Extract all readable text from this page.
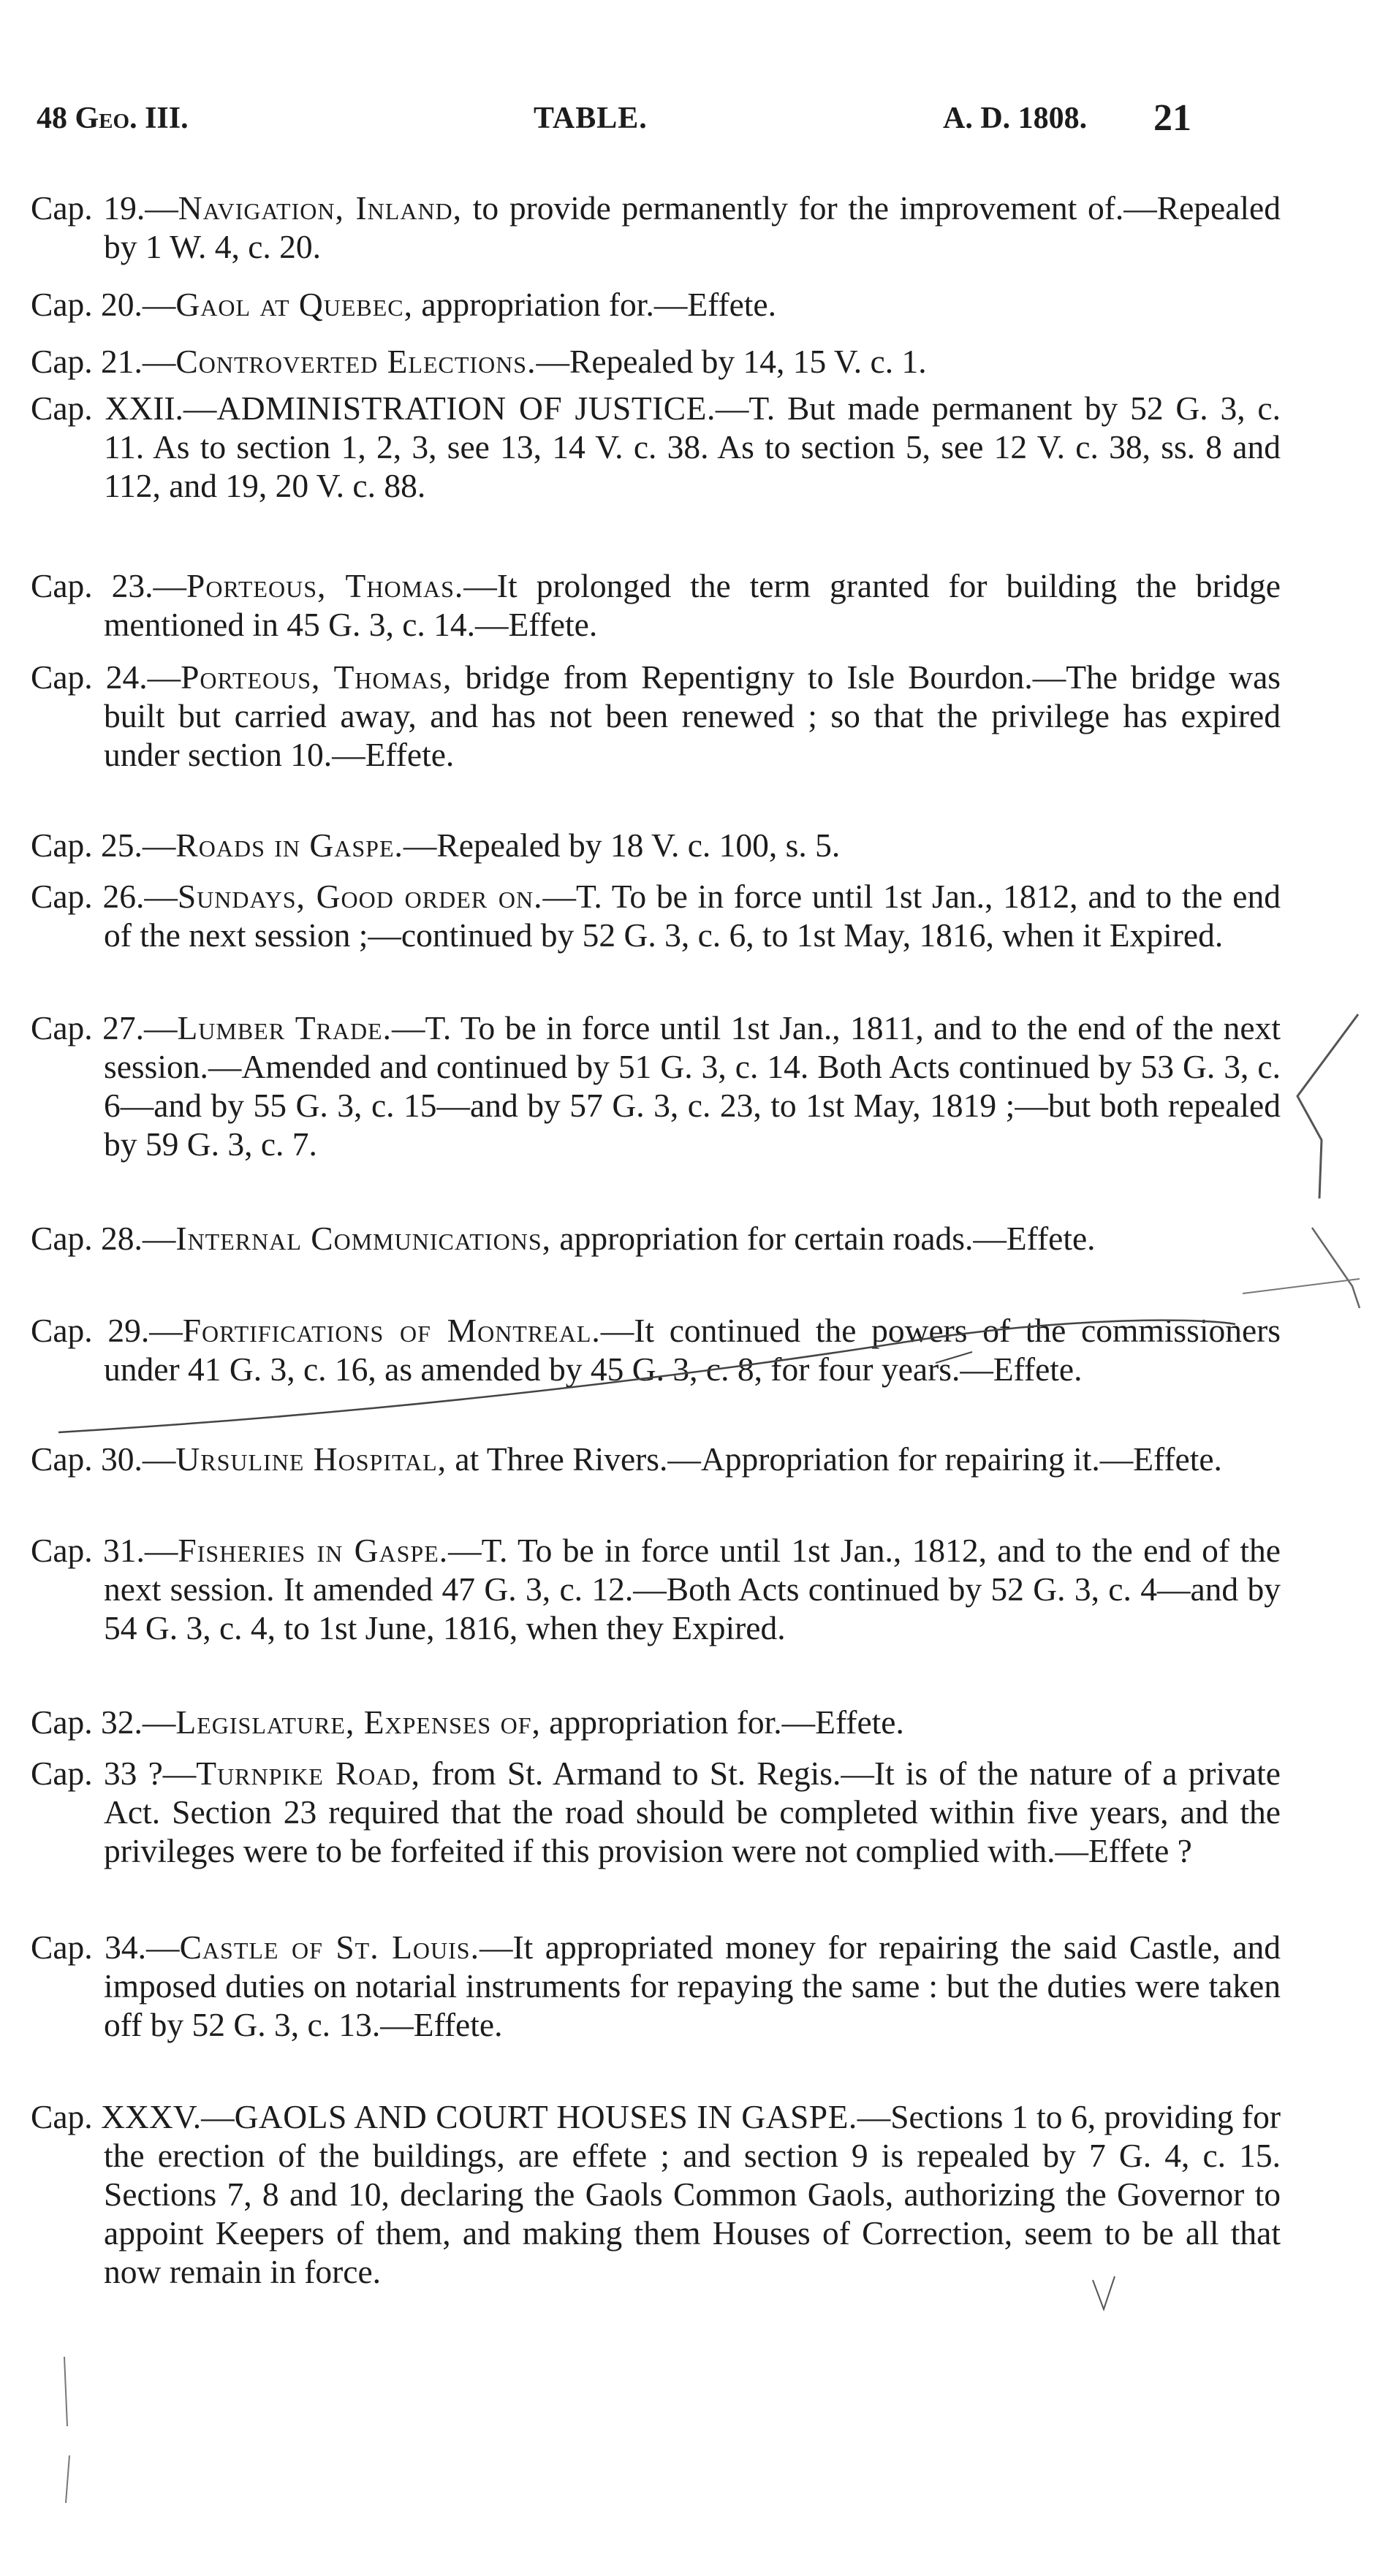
48 Geo. III.	TABLE.	A. D. 1808. 21
Cap. 19.—Navigation, Inland, to provide permanently for the improvement of.—Repealed by 1 W. 4, c. 20.
Cap. 20.—Gaol at Quebec, appropriation for.—Effete.
Cap. 21.—Controverted Elections.—Repealed by 14, 15 V. c. 1.
Cap. XXII.—ADMINISTRATION OF JUSTICE.—T. But made permanent by 52 G. 3, c. 11. As to section 1, 2, 3, see 13, 14 V. c. 38. As to section 5, see 12 V. c. 38, ss. 8 and 112, and 19, 20 V. c. 88.
Cap. 23.—Porteous, Thomas.—It prolonged the term granted for building the bridge mentioned in 45 G. 3, c. 14.—Effete.
Cap. 24.—Porteous, Thomas, bridge from Repentigny to Isle Bourdon.—The bridge was built but carried away, and has not been renewed ; so that the privilege has expired under section 10.—Effete.
Cap. 25.—Roads in Gaspe.—Repealed by 18 V. c. 100, s. 5.
Cap. 26.—Sundays, Good order on.—T. To be in force until 1st Jan., 1812, and to the end of the next session ;—continued by 52 G. 3, c. 6, to 1st May, 1816, when it Expired.
Cap. 27.—Lumber Trade.—T. To be in force until 1st Jan., 1811, and to the end of the next session.—Amended and continued by 51 G. 3, c. 14. Both Acts continued by 53 G. 3, c. 6—and by 55 G. 3, c. 15—and by 57 G. 3, c. 23, to 1st May, 1819 ;—but both repealed by 59 G. 3, c. 7.
Cap. 28.—Internal Communications, appropriation for certain roads.—Effete.
Cap. 29.—Fortifications of Montreal.—It continued the powers of the commissioners under 41 G. 3, c. 16, as amended by 45 G. 3, c. 8, for four years.—Effete.
Cap. 30.—Ursuline Hospital, at Three Rivers.—Appropriation for repairing it.—Effete.
Cap. 31.—Fisheries in Gaspe.—T. To be in force until 1st Jan., 1812, and to the end of the next session. It amended 47 G. 3, c. 12.—Both Acts continued by 52 G. 3, c. 4—and by 54 G. 3, c. 4, to 1st June, 1816, when they Expired.
Cap. 32.—Legislature, Expenses of, appropriation for.—Effete.
Cap. 33 ?—Turnpike Road, from St. Armand to St. Regis.—It is of the nature of a private Act. Section 23 required that the road should be completed within five years, and the privileges were to be forfeited if this provision were not complied with.—Effete ?
Cap. 34.—Castle of St. Louis.—It appropriated money for repairing the said Castle, and imposed duties on notarial instruments for repaying the same : but the duties were taken off by 52 G. 3, c. 13.—Effete.
Cap. XXXV.—GAOLS AND COURT HOUSES IN GASPE.—Sections 1 to 6, providing for the erection of the buildings, are effete ; and section 9 is repealed by 7 G. 4, c. 15. Sections 7, 8 and 10, declaring the Gaols Common Gaols, authorizing the Governor to appoint Keepers of them, and making them Houses of Correction, seem to be all that now remain in force.
